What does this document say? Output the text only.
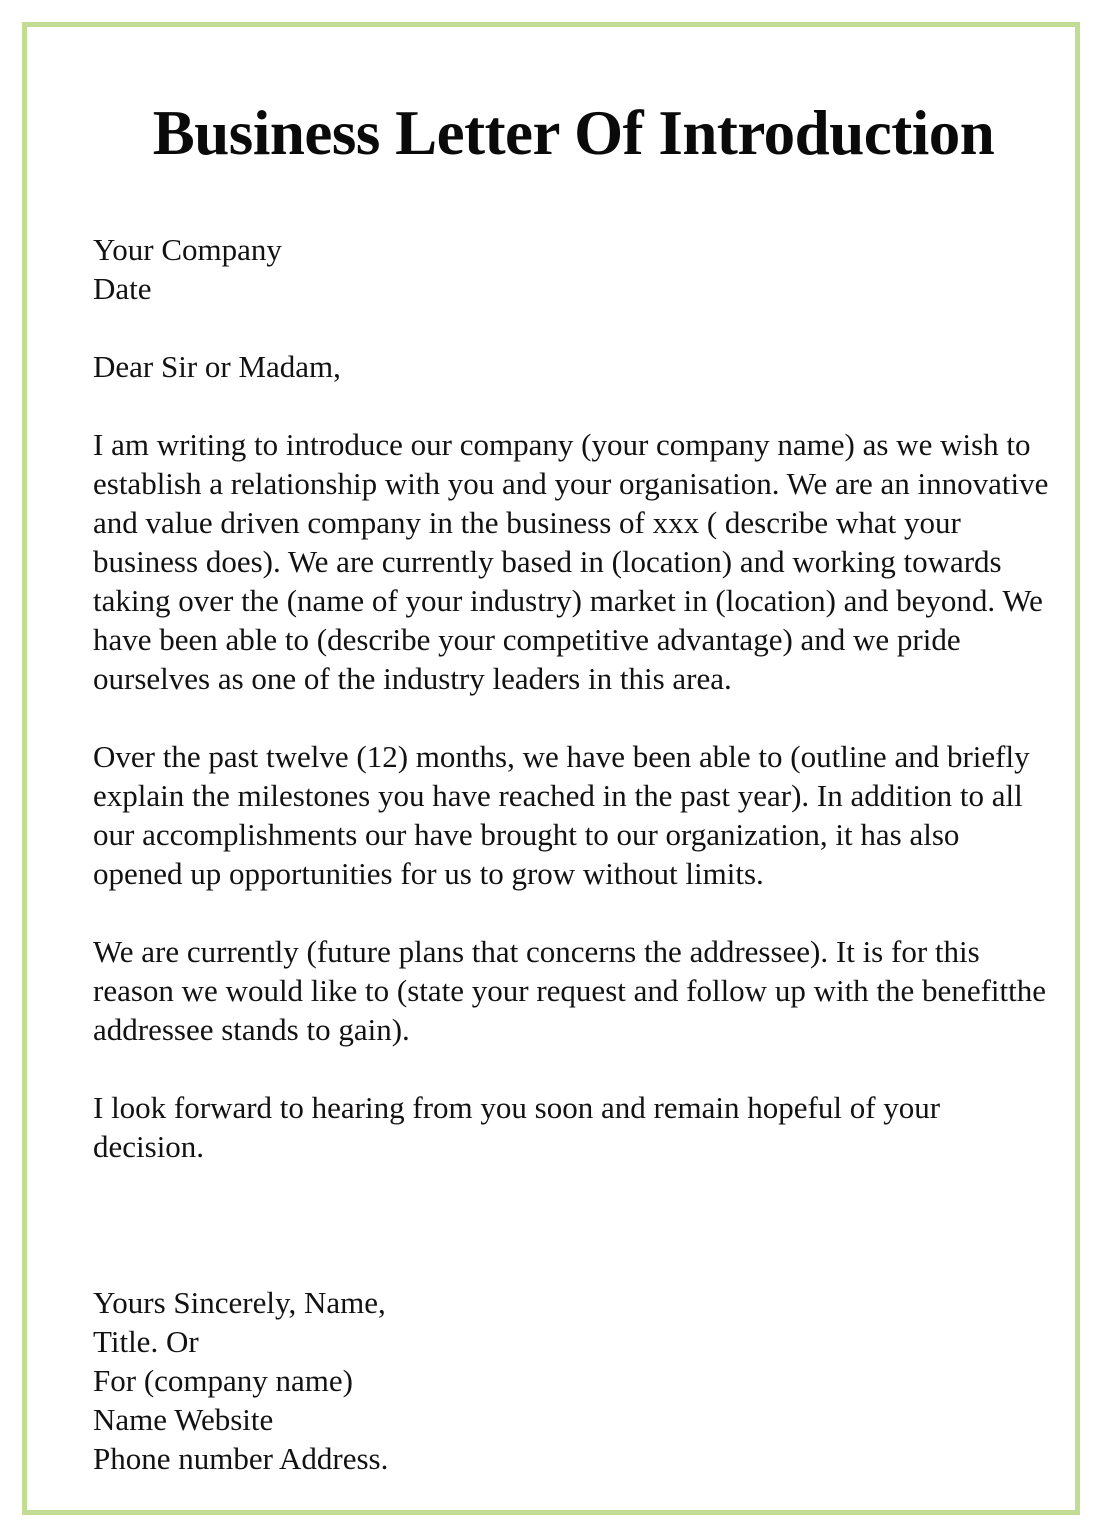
Business Letter Of Introduction
Your Company
Date
Dear Sir or Madam,

I am writing to introduce our company (your company name) as we wish to establish a relationship with you and your organisation. We are an innovative and value driven company in the business of xxx ( describe what your business does). We are currently based in (location) and working towards taking over the (name of your industry) market in (location) and beyond. We have been able to (describe your competitive advantage) and we pride ourselves as one of the industry leaders in this area.

Over the past twelve (12) months, we have been able to (outline and briefly explain the milestones you have reached in the past year). In addition to all our accomplishments our have brought to our organization, it has also opened up opportunities for us to grow without limits.

We are currently (future plans that concerns the addressee). It is for this reason we would like to (state your request and follow up with the benefitthe addressee stands to gain).

I look forward to hearing from you soon and remain hopeful of your decision.

Yours Sincerely, Name,
Title. Or
For (company name)
Name Website
Phone number Address.
